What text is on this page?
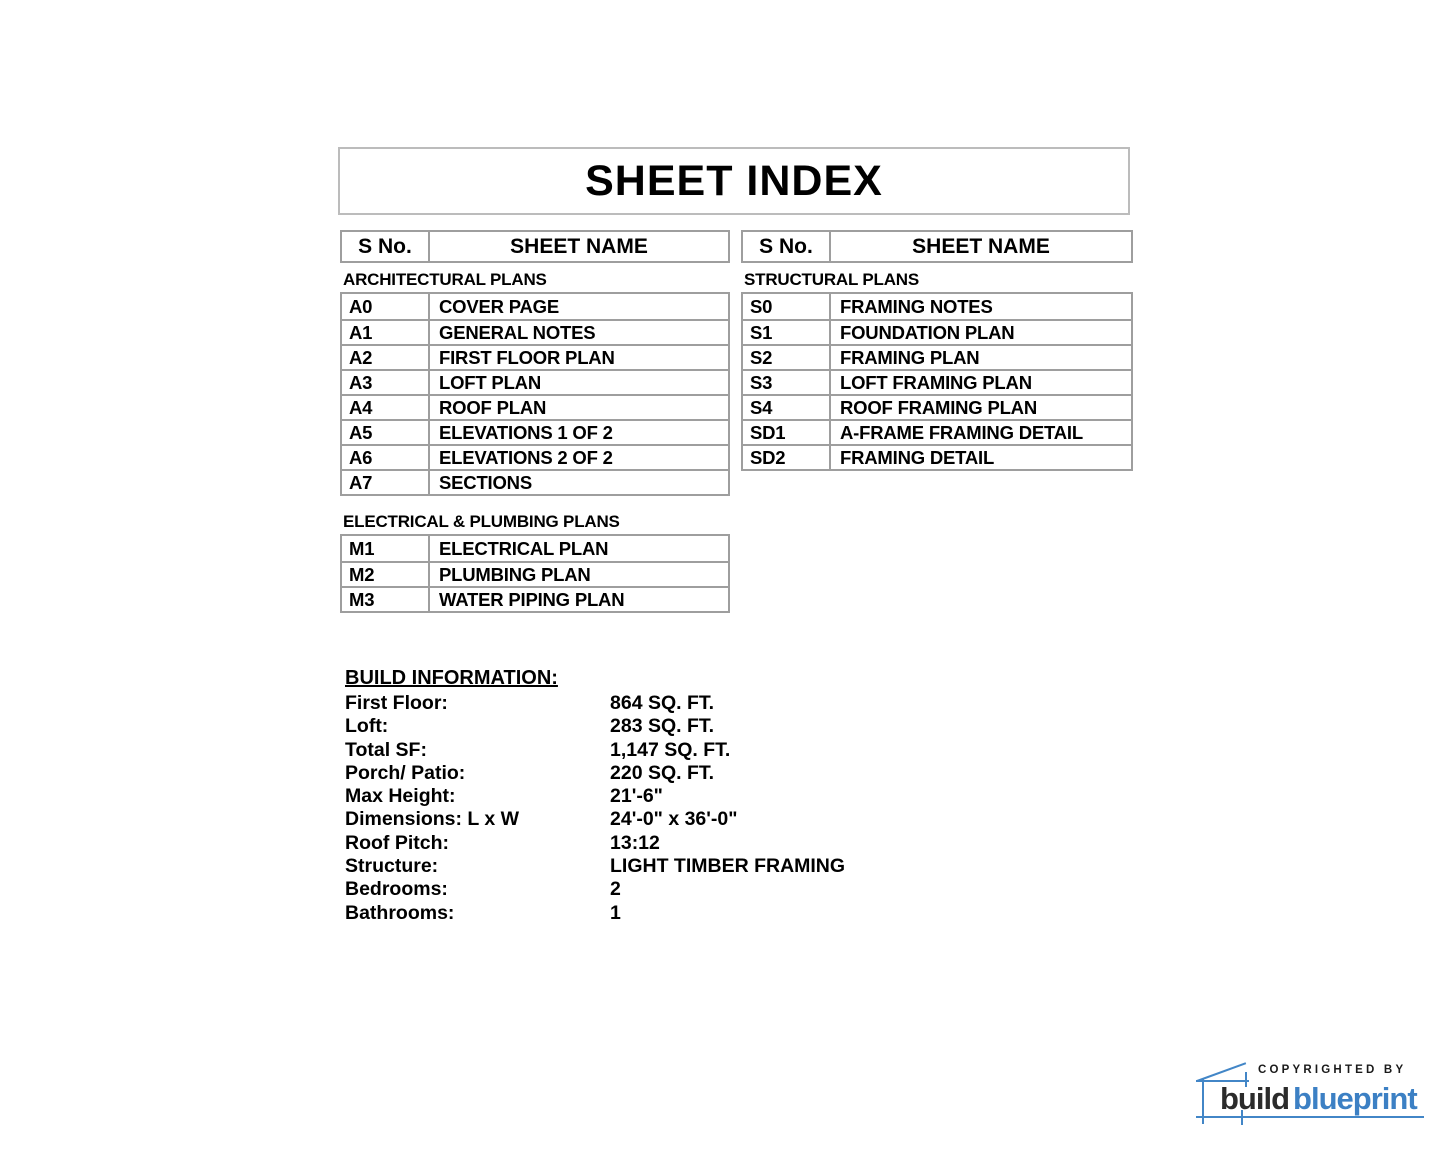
SHEET INDEX
S No.	SHEET NAME	S No.	SHEET NAME
ARCHITECTURAL PLANS	STRUCTURAL PLANS
ELECTRICAL & PLUMBING PLANS
A0	COVER PAGE
A1	GENERAL NOTES
A2	FIRST FLOOR PLAN
A3	LOFT PLAN
A4	ROOF PLAN
A5	ELEVATIONS 1 OF 2
A6	ELEVATIONS 2 OF 2
A7	SECTIONS
M1	ELECTRICAL PLAN
M2	PLUMBING PLAN
M3	WATER PIPING PLAN
S0	FRAMING NOTES
S1	FOUNDATION PLAN
S2	FRAMING PLAN
S3	LOFT FRAMING PLAN
S4	ROOF FRAMING PLAN
SD1	A-FRAME FRAMING DETAIL
SD2	FRAMING DETAIL
BUILD INFORMATION:
First Floor:	864 SQ. FT.
Loft:	283 SQ. FT.
Total SF:	1,147 SQ. FT.
Porch/ Patio:	220 SQ. FT.
Max Height:	21'-6"
Dimensions: L x W	24'-0" x 36'-0"
Roof Pitch:	13:12
Structure:	LIGHT TIMBER FRAMING
Bedrooms:	2
Bathrooms:	1
COPYRIGHTED BY
build blueprint
